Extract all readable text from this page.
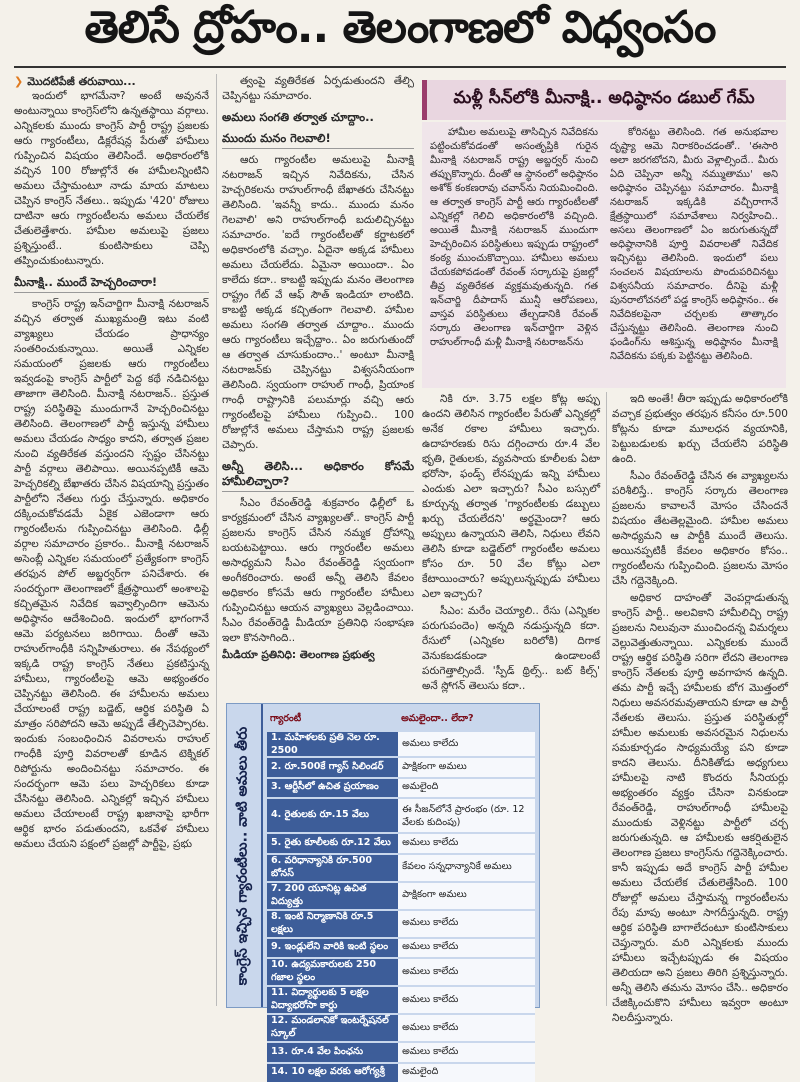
తెలిసే ద్రోహం.. తెలంగాణలో విధ్వంసం
❯ మొదటిపేజీ తరువాయి...

ఇందులో భాగమేనా? అంటే అవుననే అంటున్నాయి కాంగ్రెస్‌లోని ఉన్నతస్థాయి వర్గాలు. ఎన్నికలకు ముందు కాంగ్రెస్ పార్టీ రాష్ట్ర ప్రజలకు ఆరు గ్యారంటీలు, డిక్లరేషన్ల పేరుతో హామీలు గుప్పించిన విషయం తెలిసిందే. అధికారంలోకి వచ్చిన 100 రోజుల్లోనే ఈ హామీలన్నింటిని అమలు చేస్తామంటూ నాడు మాయ మాటలు చెప్పిన కాంగ్రెస్ నేతలు.. ఇప్పుడు '420' రోజులు దాటినా ఆరు గ్యారంటీలను అమలు చేయలేక చేతులెత్తేశారు. హామీల అమలుపై ప్రజలు ప్రశ్నిస్తుంటే.. కుంటిసాకులు చెప్పి తప్పించుకుంటున్నారు.

మీనాక్షి.. ముందే హెచ్చరించారా!

కాంగ్రెస్ రాష్ట్ర ఇన్‌చార్జిగా మీనాక్షి నటరాజన్ వచ్చిన తర్వాత ముఖ్యమంత్రి ఇటు వంటి వ్యాఖ్యలు చేయడం ప్రాధాన్యం సంతరించుకున్నాయి. అయితే ఎన్నికల సమయంలో ప్రజలకు ఆరు గ్యారంటీలు ఇవ్వడంపై కాంగ్రెస్ పార్టీలో పెద్ద కథే నడిచినట్టు తాజాగా తెలిసింది. మీనాక్షి నటరాజన్.. ప్రస్తుత రాష్ట్ర పరిస్థితిపై ముందుగానే హెచ్చరించినట్టు తెలిసింది. తెలంగాణలో పార్టీ ఇస్తున్న హామీలు అమలు చేయడం సాధ్యం కాదని, తర్వాత ప్రజల నుంచి వ్యతిరేకత వస్తుందని స్పష్టం చేసినట్టు పార్టీ వర్గాలు తెలిపాయి. అయినప్పటికీ ఆమె హెచ్చరికల్ని బేఖాతరు చేసిన విషయాన్ని ప్రస్తుతం పార్టీలోని నేతలు గుర్తు చేస్తున్నారు. అధికారం దక్కించుకోవడమే ఏకైక ఎజెండాగా ఆరు గ్యారంటీలను గుప్పించినట్టు తెలిసింది. ఢిల్లీ వర్గాల సమాచారం ప్రకారం.. మీనాక్షి నటరాజన్ అసెంబ్లీ ఎన్నికల సమయంలో ప్రత్యేకంగా కాంగ్రెస్ తరఫున పోల్ అబ్జర్వర్‌గా పనిచేశారు. ఈ సందర్భంగా తెలంగాణలో క్షేత్రస్థాయిలో అంశాలపై కచ్చితమైన నివేదిక ఇవ్వాల్సిందిగా ఆమెను అధిష్ఠానం ఆదేశించింది. ఇందులో భాగంగానే ఆమె పర్యటనలు జరిగాయి. దీంతో ఆమె రాహుల్‌గాంధీకి సన్నిహితురాలు. ఈ నేపథ్యంలో ఇక్కడి రాష్ట్ర కాంగ్రెస్ నేతలు ప్రకటిస్తున్న హామీలు, గ్యారంటీలపై ఆమె అభ్యంతరం చెప్పినట్టు తెలిసింది. ఈ హామీలను అమలు చేయాలంటే రాష్ట్ర బడ్జెట్, ఆర్థిక పరిస్థితి ఏ మాత్రం సరిపోదని ఆమె అప్పుడే తేల్చిచెప్పారట. ఇందుకు సంబంధించిన వివరాలను రాహుల్ గాంధీకి పూర్తి వివరాలతో కూడిన టెక్నికల్ రిపోర్టును అందించినట్టు సమాచారం. ఈ సందర్భంగా ఆమె పలు హెచ్చరికలు కూడా చేసినట్టు తెలిసింది. ఎన్నికల్లో ఇచ్చిన హామీలు అమలు చేయాలంటే రాష్ట్ర ఖజానాపై భారీగా ఆర్థిక భారం పడుతుందని, ఒకవేళ హామీలు అమలు చేయని పక్షంలో ప్రజల్లో పార్టీపై, ప్రభు

త్వంపై వ్యతిరేకత ఏర్పడుతుందని తేల్చి చెప్పినట్టు సమాచారం.

అమలు సంగతి తర్వాత చూద్దాం..
ముందు మనం గెలవాలి!

ఆరు గ్యారంటీల అమలుపై మీనాక్షి నటరాజన్ ఇచ్చిన నివేదికను, చేసిన హెచ్చరికలను రాహుల్‌గాంధీ బేఖాతరు చేసినట్టు తెలిసింది. 'ఇవన్నీ కాదు.. ముందు మనం గెలవాలి' అని రాహుల్‌గాంధీ బదులిచ్చినట్టు సమాచారం. 'ఐదే గ్యారంటీలతో కర్ణాటకలో అధికారంలోకి వచ్చాం. ఏదైనా అక్కడ హామీలు అమలు చేయలేదు. ఏమైనా అయిందా.. ఏం కాలేదు కదా.. కాబట్టి ఇప్పుడు మనం తెలంగాణ రాష్ట్రం గేట్ వే ఆఫ్ సౌత్ ఇండియా లాంటిది. కాబట్టి అక్కడ కచ్చితంగా గెలవాలి. హామీల అమలు సంగతి తర్వాత చూద్దాం.. ముందు ఆరు గ్యారంటీలు ఇచ్చేద్దాం.. ఏం జరుగుతుందో ఆ తర్వాత చూసుకుందాం..' అంటూ మీనాక్షి నటరాజన్‌కు చెప్పినట్టు విశ్వసనీయంగా తెలిసింది. స్వయంగా రాహుల్ గాంధీ, ప్రియాంక గాంధీ రాష్ట్రానికి పలుమార్లు వచ్చి ఆరు గ్యారంటీలపై హామీలు గుప్పించి.. 100 రోజుల్లోనే అమలు చేస్తామని రాష్ట్ర ప్రజలకు చెప్పారు.

అన్నీ తెలిసి... అధికారం కోసమే హామీలిచ్చారా?

సీఎం రేవంత్‌రెడ్డి శుక్రవారం ఢిల్లీలో ఓ కార్యక్రమంలో చేసిన వ్యాఖ్యలతో.. కాంగ్రెస్ పార్టీ ప్రజలను కాంగ్రెస్ చేసిన నమ్మక ద్రోహాన్ని బయటపెట్టాయి. ఆరు గ్యారంటీల అమలు అసాధ్యమని సీఎం రేవంత్‌రెడ్డి స్వయంగా అంగీకరించారు. అంటే అన్నీ తెలిసి కేవలం అధికారం కోసమే ఆరు గ్యారంటీల హామీలు గుప్పించినట్టు ఆయన వ్యాఖ్యలు వెల్లడించాయి. సీఎం రేవంత్‌రెడ్డి మీడియా ప్రతినిధి సంభాషణ ఇలా కొనసాగింది..

మీడియా ప్రతినిధి: తెలంగాణ ప్రభుత్వ
మళ్లీ సీన్‌లోకి మీనాక్షి.. అధిష్ఠానం డబుల్ గేమ్

హామీల అమలుపై తాసిచ్చిన నివేదికను పట్టించుకోవడంతో అసంతృప్తికి గురైన మీనాక్షి నటరాజన్ రాష్ట్ర అబ్జర్వర్ నుంచి తప్పుకొన్నారు. దీంతో ఆ స్థానంలో అధిష్ఠానం అశోక్ కంకణరావు చవాన్‌ను నియమించింది. ఆ తర్వాత కాంగ్రెస్ పార్టీ ఆరు గ్యారంటీలతో ఎన్నికల్లో గెలిచి అధికారంలోకి వచ్చింది. అయితే మీనాక్షి నటరాజన్ ముందుగా హెచ్చరించిన పరిస్థితులు ఇప్పుడు రాష్ట్రంలో కంఠ్య ముంచుకొచ్చాయి. హామీలు అమలు చేయకపోవడంతో రేవంత్ సర్కారుపై ప్రజల్లో తీవ్ర వ్యతిరేకత వ్యక్తమవుతున్నది. గత ఇన్‌చార్జి దీపాదాస్ మున్షీ ఆరోపణలు, వాస్తవ పరిస్థితులు తేల్చడానికి రేవంత్ సర్కారు తెలంగాణ ఇన్‌చార్జిగా వెళ్లిన రాహుల్‌గాంధీ మళ్లీ మీనాక్షి నటరాజన్‌ను

కోరినట్టు తెలిసింది. గత అనుభవాల దృష్ట్యా ఆమె నిరాకరించడంతో.. 'ఈసారి అలా జరగబోదని, మీరు వెళ్లాల్సిందే.. మీరు ఏది చెప్పినా అన్నీ నమ్ముతాము' అని అధిష్ఠానం చెప్పినట్టు సమాచారం. మీనాక్షి నటరాజన్ ఇక్కడికి వచ్చీరాగానే క్షేత్రస్థాయిలో సమావేశాలు నిర్వహించి.. అసలు తెలంగాణలో ఏం జరుగుతున్నదో అధిష్ఠానానికి పూర్తి వివరాలతో నివేదిక ఇచ్చినట్టు తెలిసింది. ఇందులో పలు సంచలన విషయాలను పొందుపరిచినట్టు విశ్వసనీయ సమాచారం. దీనిపై మళ్లీ పునరాలోచనలో పడ్డ కాంగ్రెస్ అధిష్ఠానం.. ఈ నివేదికలపైనా చర్చలకు తాత్కారం చేస్తున్నట్టు తెలిసింది. తెలంగాణ నుంచి ఫండింగ్‌ను ఆశిస్తున్న అధిష్ఠానం మీనాక్షి నివేదికను పక్కకు పెట్టినట్టు తెలిసింది.

నికి రూ. 3.75 లక్షల కోట్ల అప్పు ఉందని తెలిసిన గ్యారంటీల పేరుతో ఎన్నికల్లో అనేక రకాల హామీలు ఇచ్చారు. ఉదాహరణకు రిసు దగ్గించారు రూ.4 వేల భృతి, రైతులకు, వ్యవసాయ కూలీలకు ఏటా భరోసా, ఫండ్స్ లేనప్పుడు ఇన్ని హామీలు ఎందుకు ఎలా ఇచ్చారు? సీఎం బస్సులో కూర్చున్న తర్వాత 'గ్యారంటీలకు డబ్బులు ఖర్చు చేయలేదని' అర్థమైందా? ఆరు అప్పులు ఉన్నాయని తెలిసి, నిధులు లేవని తెలిసి కూడా బడ్జెట్‌లో గ్యారంటీల అమలు కోసం రూ. 50 వేల కోట్లు ఎలా కేటాయించారు? అప్పులున్నప్పుడు హామీలు ఎలా ఇచ్చారు?

సీఎం: మరేం చెయ్యాలి.. రేసు (ఎన్నికల పరుగుపందెం) అన్నది నడుస్తున్నది కదా. రేసులో (ఎన్నికల బరిలోకి) దిగాక వెనుకబడకుండా ఉండాలంటే పరుగెత్తాల్సిందే. 'స్పీడ్ థ్రిల్స్.. బట్ కిల్స్' అనే స్లోగన్ తెలుసు కదా..

ఇది అంతే! తీరా ఇప్పుడు అధికారంలోకి వచ్చాక ప్రభుత్వం తరఫున కనీసం రూ.500 కోట్లను కూడా మూలధన వ్యయానికి, పెట్టుబడులకు ఖర్చు చేయలేని పరిస్థితి ఉంది.

సీఎం రేవంత్‌రెడ్డి చేసిన ఈ వ్యాఖ్యలను పరిశీలిస్తే.. కాంగ్రెస్ సర్కారు తెలంగాణ ప్రజలను కావాలనే మోసం చేసిందనే విషయం తేటతెల్లమైంది. హామీల అమలు అసాధ్యమని ఆ పార్టీకి ముందే తెలుసు. అయినప్పటికీ కేవలం అధికారం కోసం.. గ్యారంటీలను గుప్పించింది. ప్రజలను మోసం చేసి గద్దెనెక్కింది.

అధికార దాహంతో వెంపర్లాడుతున్న కాంగ్రెస్ పార్టీ.. అలవికాని హామీలిచ్చి రాష్ట్ర ప్రజలను నిలువునా ముంచిందన్న విమర్శలు వెల్లువెత్తుతున్నాయి. ఎన్నికలకు ముందే రాష్ట్ర ఆర్థిక పరిస్థితి సరిగా లేదని తెలంగాణ కాంగ్రెస్ నేతలకు పూర్తి అవగాహన ఉన్నది. తమ పార్టీ ఇచ్చే హామీలకు బోగ మొత్తంలో నిధులు అవసరమవుతాయని కూడా ఆ పార్టీ నేతలకు తెలుసు. ప్రస్తుత పరిస్థితుల్లో హామీల అమలుకు అవసరమైన నిధులను సమకూర్చడం సాధ్యమయ్యే పని కూడా కాదని తెలుసు. దీనికితోడు అధ్యగులు హామీలపై నాటి కొందరు సీనియర్లు అభ్యంతరం వ్యక్తం చేసినా వినకుండా రేవంత్‌రెడ్డి, రాహుల్‌గాంధీ హామీలపై ముందుకు వెళ్లినట్టు పార్టీలో చర్చ జరుగుతున్నది. ఆ హామీలకు ఆకర్షితులైన తెలంగాణ ప్రజలు కాంగ్రెస్‌ను గద్దెనెక్కించారు. కానీ ఇప్పుడు అదే కాంగ్రెస్ పార్టీ హామీల అమలు చేయలేక చేతులెత్తేసింది. 100 రోజుల్లో అమలు చేస్తామన్న గ్యారంటీలను రేపు మాపు అంటూ సాగదీస్తున్నది. రాష్ట్ర ఆర్థిక పరిస్థితి బాగాలేదంటూ కుంటిసాకులు చెప్తున్నారు. మరి ఎన్నికలకు ముందు హామీలు ఇచ్చేటప్పుడు ఈ విషయం తెలియదా అని ప్రజలు తిరిగి ప్రశ్నిస్తున్నారు. అన్నీ తెలిసి తమను మోసం చేసి.. అధికారం చేజిక్కించుకొని హామీలు ఇవ్వరా అంటూ నిలదీస్తున్నారు.

కాంగ్రెస్ ఇచ్చిన గ్యారంటీలు.. వాటి అమలు తీరు
గ్యారంటీ	అమలైందా.. లేదా?
1. మహిళలకు ప్రతి నెల రూ. 2500	అమలు కాలేదు
2. రూ.500కే గ్యాస్ సిలిండర్	పాక్షికంగా అమలు
3. ఆర్టీసీలో ఉచిత ప్రయాణం	అమలైంది
4. రైతులకు రూ.15 వేలు	ఈ సీజన్‌లోనే ప్రారంభం (రూ. 12 వేలకు కుదింపు)
5. రైతు కూలీలకు రూ.12 వేలు	అమలు కాలేదు
6. వరిధాన్యానికి రూ.500 బోనస్	కేవలం సన్నధాన్యానికే అమలు
7. 200 యూనిట్ల ఉచిత విద్యుత్తు	పాక్షికంగా అమలు
8. ఇంటి నిర్మాణానికి రూ.5 లక్షలు	అమలు కాలేదు
9. ఇండ్లులేని వారికి ఇంటి స్థలం	అమలు కాలేదు
10. ఉద్యమకారులకు 250 గజాల స్థలం	అమలు కాలేదు
11. విద్యార్థులకు 5 లక్షల విద్యాభరోసా కార్డు	అమలు కాలేదు
12. మండలానికో ఇంటర్నేషనల్ స్కూల్	అమలు కాలేదు
13. రూ.4 వేల పింఛను	అమలు కాలేదు
14. 10 లక్షల వరకు ఆరోగ్యశ్రీ	అమలైంది
